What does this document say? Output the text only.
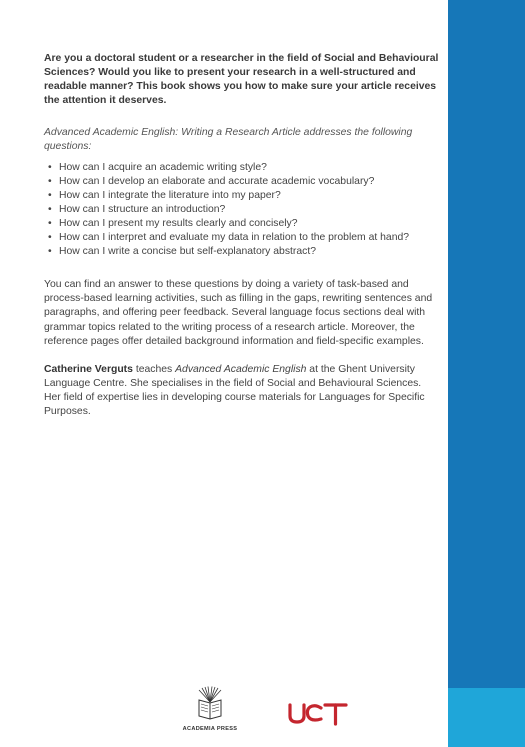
Are you a doctoral student or a researcher in the field of Social and Behavioural Sciences? Would you like to present your research in a well-structured and readable manner? This book shows you how to make sure your article receives the attention it deserves.

Advanced Academic English: Writing a Research Article addresses the following questions:

• How can I acquire an academic writing style?
• How can I develop an elaborate and accurate academic vocabulary?
• How can I integrate the literature into my paper?
• How can I structure an introduction?
• How can I present my results clearly and concisely?
• How can I interpret and evaluate my data in relation to the problem at hand?
• How can I write a concise but self-explanatory abstract?

You can find an answer to these questions by doing a variety of task-based and process-based learning activities, such as filling in the gaps, rewriting sentences and paragraphs, and offering peer feedback. Several language focus sections deal with grammar topics related to the writing process of a research article. Moreover, the reference pages offer detailed background information and field-specific examples.

Catherine Verguts teaches Advanced Academic English at the Ghent University Language Centre. She specialises in the field of Social and Behavioural Sciences. Her field of expertise lies in developing course materials for Languages for Specific Purposes.

ACADEMIA PRESS
